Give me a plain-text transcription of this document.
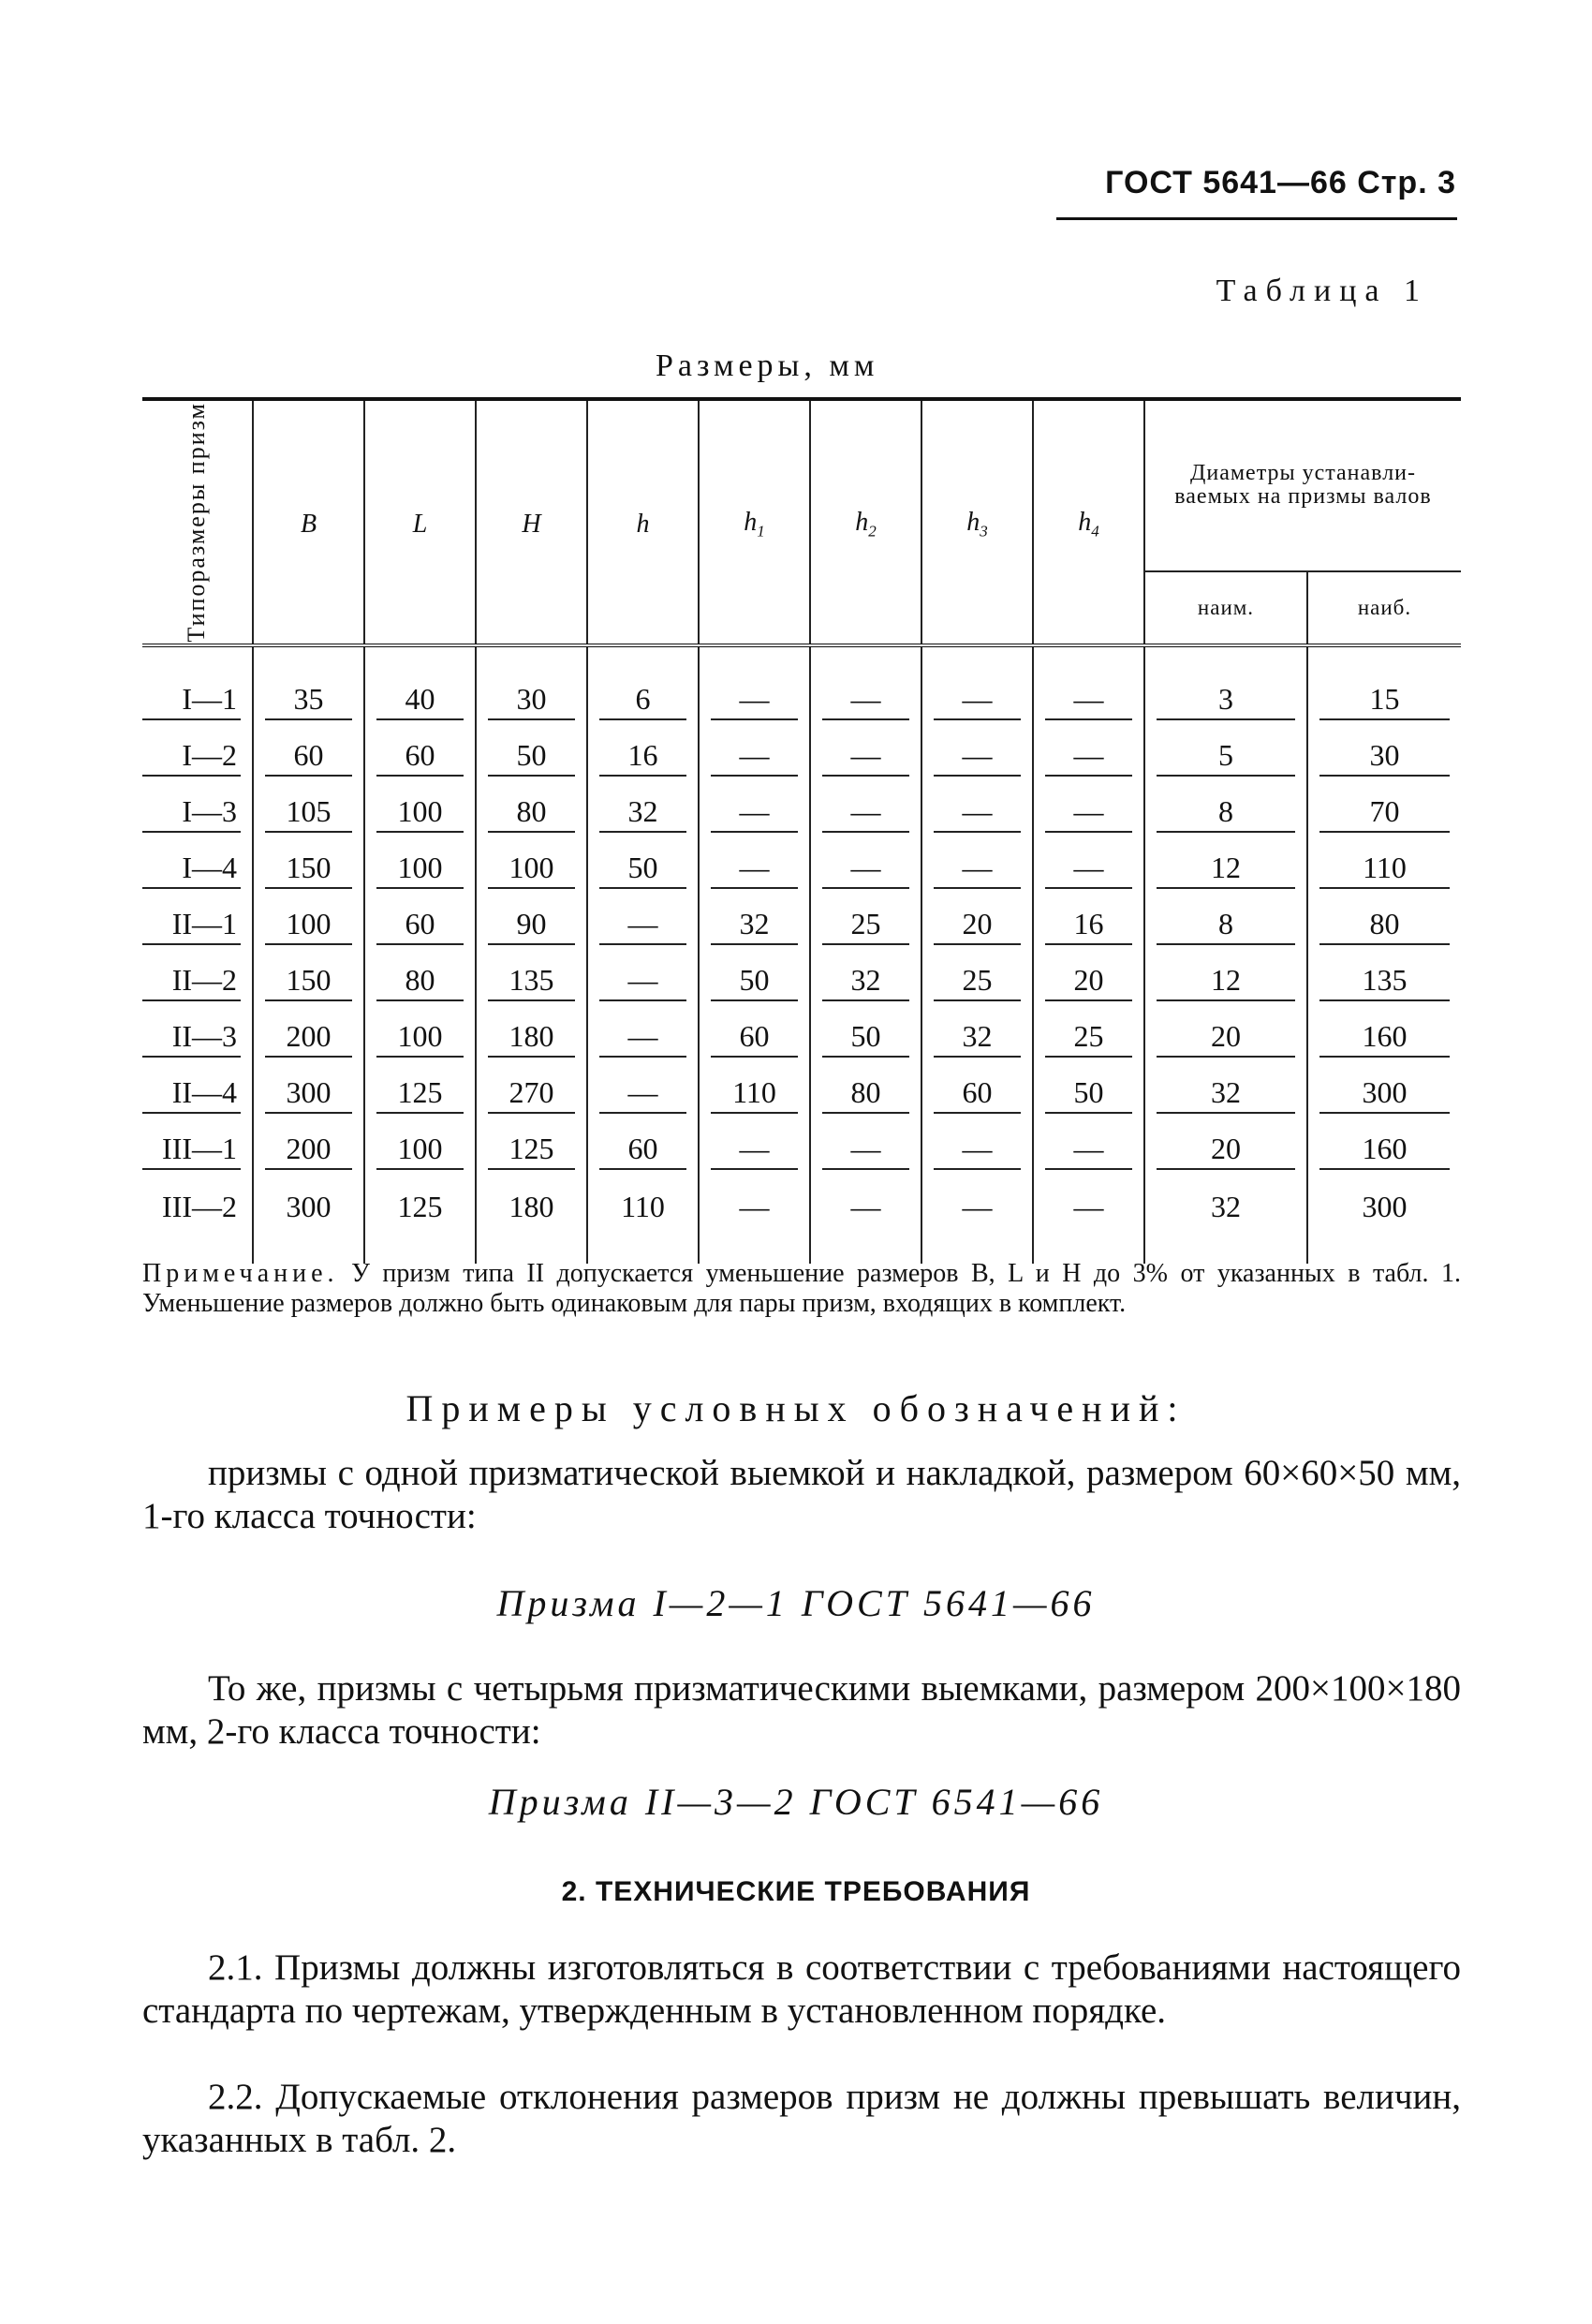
ГОСТ 5641—66 Стр. 3
Таблица 1
Размеры, мм
Типоразмеры призм	B	L	H	h	$h_1$	$h_2$	$h_3$	$h_4$	Диаметры устанавли- ваемых на призмы валов	
									наим.	наиб.

I—1	35	40	30	6	—	—	—	—	3	15

I—2	60	60	50	16	—	—	—	—	5	30

I—3	105	100	80	32	—	—	—	—	8	70

I—4	150	100	100	50	—	—	—	—	12	110

II—1	100	60	90	—	32	25	20	16	8	80

II—2	150	80	135	—	50	32	25	20	12	135

II—3	200	100	180	—	60	50	32	25	20	160

II—4	300	125	270	—	110	80	60	50	32	300

III—1	200	100	125	60	—	—	—	—	20	160

III—2	300	125	180	110	—	—	—	—	32	300
Примечание. У призм типа II допускается уменьшение размеров B, L и H до 3% от указанных в табл. 1. Уменьшение размеров должно быть одинаковым для пары призм, входящих в комплект.
Примеры условных обозначений:
призмы с одной призматической выемкой и накладкой, размером 60×60×50 мм, 1-го класса точности:
Призма I—2—1 ГОСТ 5641—66
То же, призмы с четырьмя призматическими выемками, размером 200×100×180 мм, 2-го класса точности:
Призма II—3—2 ГОСТ 6541—66
2. ТЕХНИЧЕСКИЕ ТРЕБОВАНИЯ
2.1. Призмы должны изготовляться в соответствии с требованиями настоящего стандарта по чертежам, утвержденным в установленном порядке.
2.2. Допускаемые отклонения размеров призм не должны превышать величин, указанных в табл. 2.
